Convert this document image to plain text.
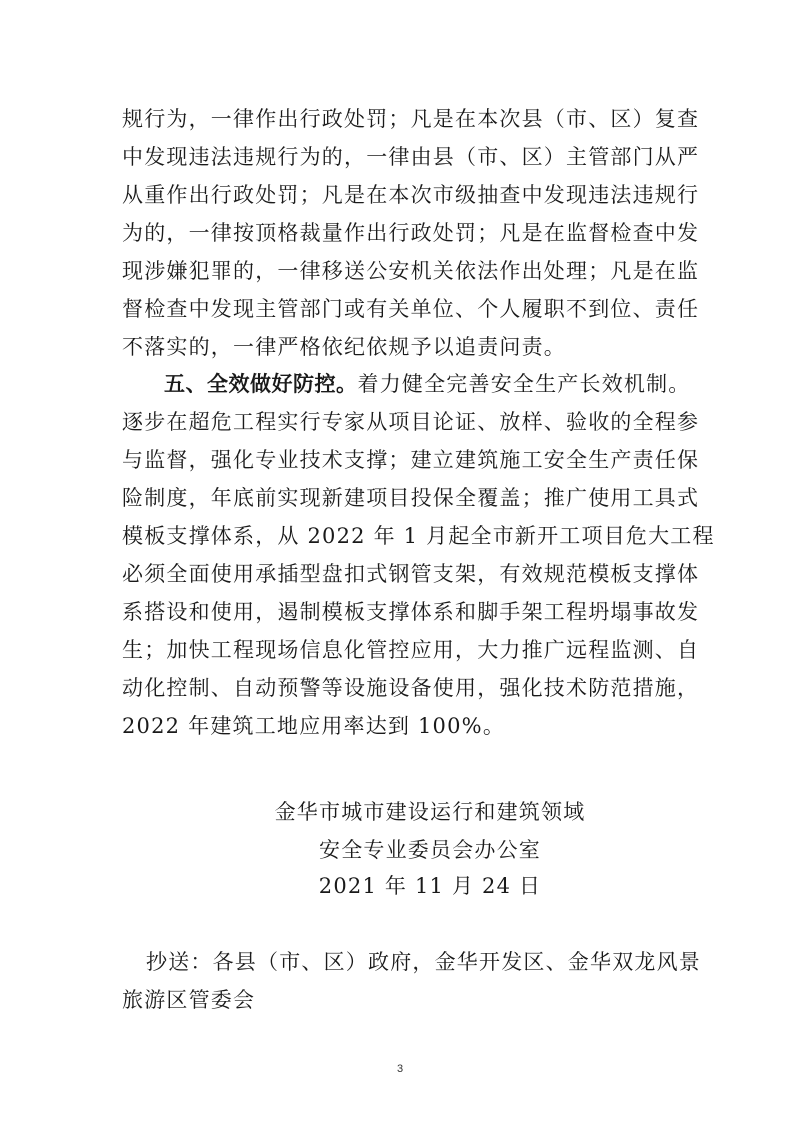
规行为，一律作出行政处罚；凡是在本次县（市、区）复查
中发现违法违规行为的，一律由县（市、区）主管部门从严
从重作出行政处罚；凡是在本次市级抽查中发现违法违规行
为的，一律按顶格裁量作出行政处罚；凡是在监督检查中发
现涉嫌犯罪的，一律移送公安机关依法作出处理；凡是在监
督检查中发现主管部门或有关单位、个人履职不到位、责任
不落实的，一律严格依纪依规予以追责问责。
五、全效做好防控。着力健全完善安全生产长效机制。
逐步在超危工程实行专家从项目论证、放样、验收的全程参
与监督，强化专业技术支撑；建立建筑施工安全生产责任保
险制度，年底前实现新建项目投保全覆盖；推广使用工具式
模板支撑体系，从 2022 年 1 月起全市新开工项目危大工程
必须全面使用承插型盘扣式钢管支架，有效规范模板支撑体
系搭设和使用，遏制模板支撑体系和脚手架工程坍塌事故发
生；加快工程现场信息化管控应用，大力推广远程监测、自
动化控制、自动预警等设施设备使用，强化技术防范措施，
2022 年建筑工地应用率达到 100%。
金华市城市建设运行和建筑领域
安全专业委员会办公室
2021 年 11 月 24 日
抄送：各县（市、区）政府，金华开发区、金华双龙风景
旅游区管委会
3
